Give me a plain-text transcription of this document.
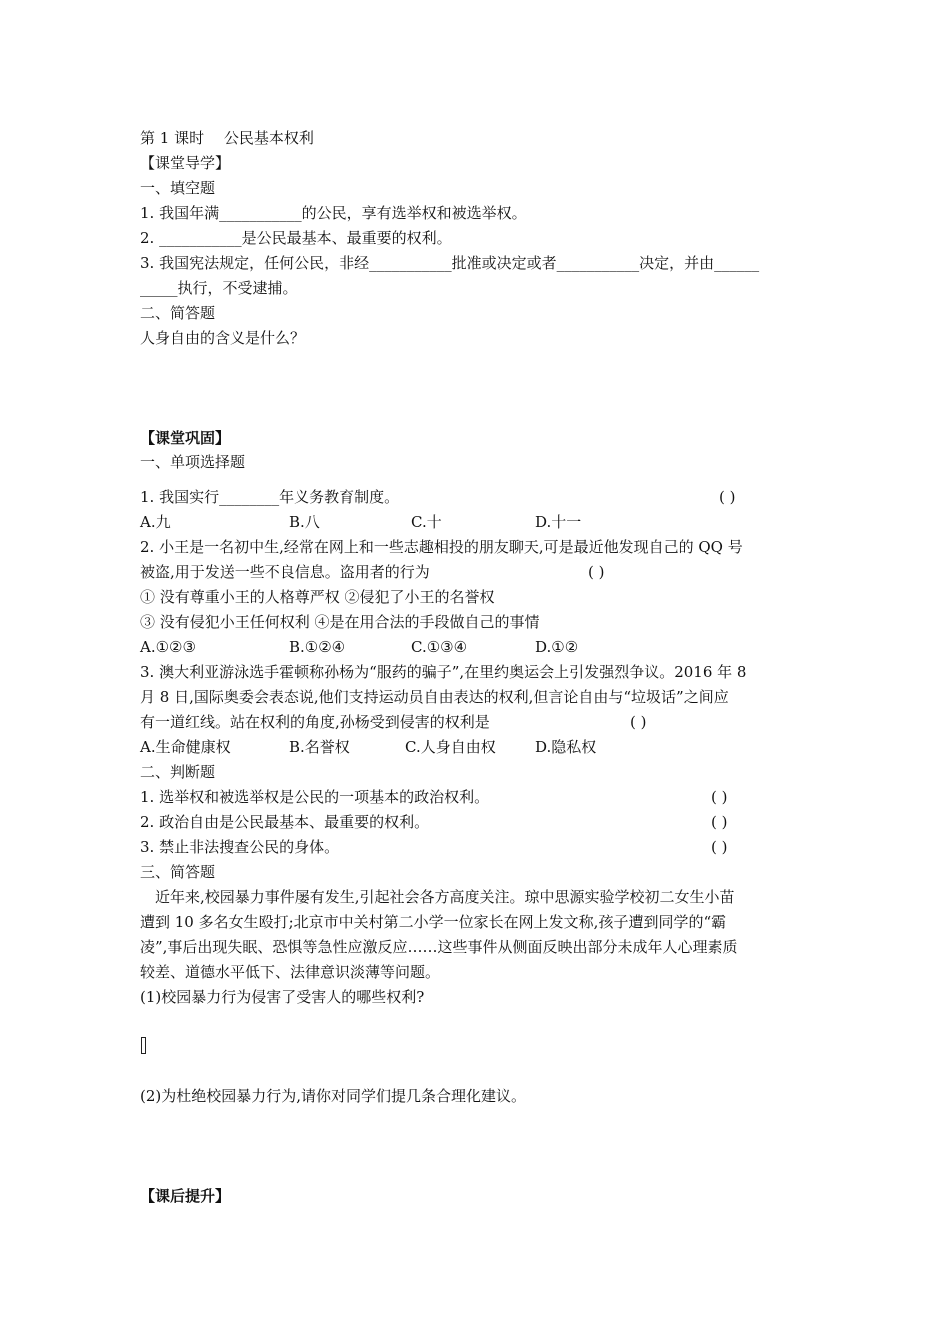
第 1 课时　 公民基本权利
【课堂导学】
一、填空题
1. 我国年满___________的公民，享有选举权和被选举权。
2. ___________是公民最基本、最重要的权利。
3. 我国宪法规定，任何公民，非经___________批准或决定或者___________决定，并由______
_____执行，不受逮捕。
二、简答题
人身自由的含义是什么？
【课堂巩固】
一、单项选择题
1. 我国实行________年义务教育制度。	( )
A.九	B.八	C.十	D.十一
2. 小王是一名初中生,经常在网上和一些志趣相投的朋友聊天,可是最近他发现自己的 QQ 号
被盗,用于发送一些不良信息。盗用者的行为	( )
① 没有尊重小王的人格尊严权 ②侵犯了小王的名誉权
③ 没有侵犯小王任何权利 ④是在用合法的手段做自己的事情
A.①②③	B.①②④	C.①③④	D.①②
3. 澳大利亚游泳选手霍顿称孙杨为“服药的骗子”,在里约奥运会上引发强烈争议。2016 年 8
月 8 日,国际奥委会表态说,他们支持运动员自由表达的权利,但言论自由与“垃圾话”之间应
有一道红线。站在权利的角度,孙杨受到侵害的权利是	( )
A.生命健康权	B.名誉权	C.人身自由权	D.隐私权
二、判断题
1. 选举权和被选举权是公民的一项基本的政治权利。	( )
2. 政治自由是公民最基本、最重要的权利。	( )
3. 禁止非法搜查公民的身体。	( )
三、简答题
　近年来,校园暴力事件屡有发生,引起社会各方高度关注。琼中思源实验学校初二女生小苗
遭到 10 多名女生殴打;北京市中关村第二小学一位家长在网上发文称,孩子遭到同学的“霸
凌”,事后出现失眠、恐惧等急性应激反应……这些事件从侧面反映出部分未成年人心理素质
较差、道德水平低下、法律意识淡薄等问题。
(1)校园暴力行为侵害了受害人的哪些权利?
(2)为杜绝校园暴力行为,请你对同学们提几条合理化建议。
【课后提升】
